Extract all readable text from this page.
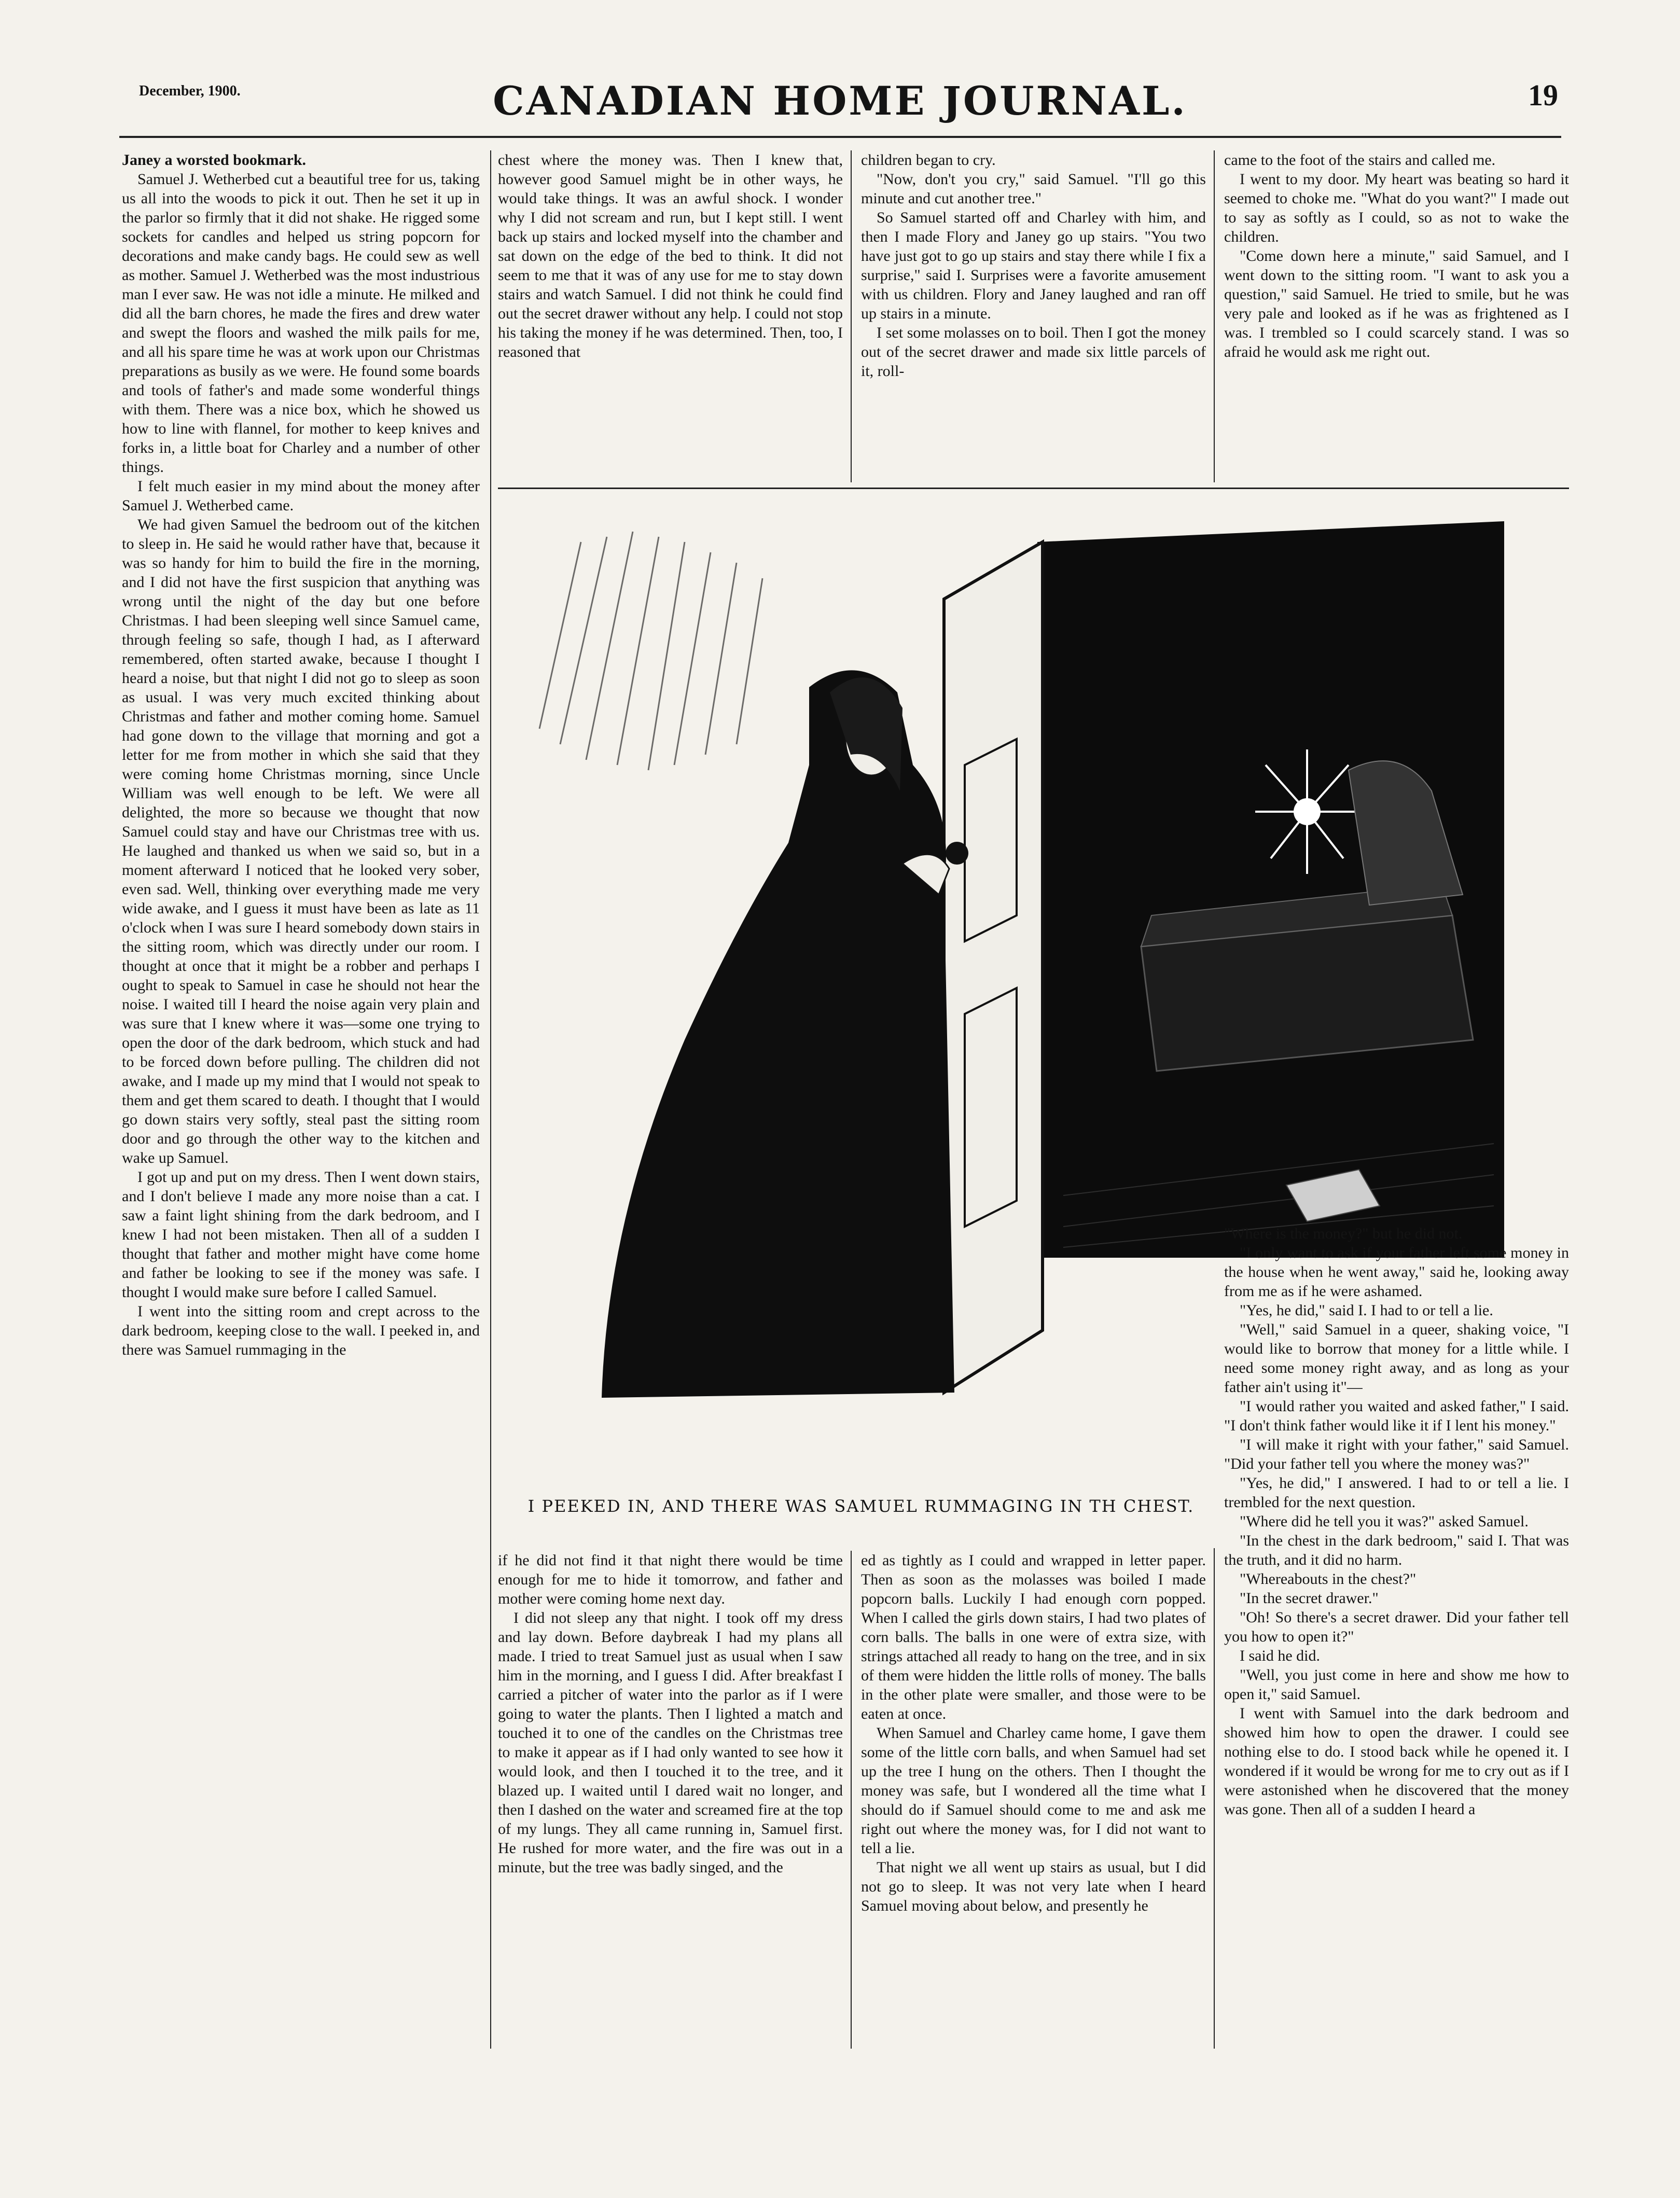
December, 1900.	CANADIAN HOME JOURNAL.	19

Janey a worsted bookmark.

Samuel J. Wetherbed cut a beautiful tree for us, taking us all into the woods to pick it out. Then he set it up in the parlor so firmly that it did not shake. He rigged some sockets for candles and helped us string popcorn for decorations and make candy bags. He could sew as well as mother. Samuel J. Wetherbed was the most industrious man I ever saw. He was not idle a minute. He milked and did all the barn chores, he made the fires and drew water and swept the floors and washed the milk pails for me, and all his spare time he was at work upon our Christmas preparations as busily as we were. He found some boards and tools of father's and made some wonderful things with them. There was a nice box, which he showed us how to line with flannel, for mother to keep knives and forks in, a little boat for Charley and a number of other things.

I felt much easier in my mind about the money after Samuel J. Wetherbed came.

We had given Samuel the bedroom out of the kitchen to sleep in. He said he would rather have that, because it was so handy for him to build the fire in the morning, and I did not have the first suspicion that anything was wrong until the night of the day but one before Christmas. I had been sleeping well since Samuel came, through feeling so safe, though I had, as I afterward remembered, often started awake, because I thought I heard a noise, but that night I did not go to sleep as soon as usual. I was very much excited thinking about Christmas and father and mother coming home. Samuel had gone down to the village that morning and got a letter for me from mother in which she said that they were coming home Christmas morning, since Uncle William was well enough to be left. We were all delighted, the more so because we thought that now Samuel could stay and have our Christmas tree with us. He laughed and thanked us when we said so, but in a moment afterward I noticed that he looked very sober, even sad. Well, thinking over everything made me very wide awake, and I guess it must have been as late as 11 o'clock when I was sure I heard somebody down stairs in the sitting room, which was directly under our room. I thought at once that it might be a robber and perhaps I ought to speak to Samuel in case he should not hear the noise. I waited till I heard the noise again very plain and was sure that I knew where it was—some one trying to open the door of the dark bedroom, which stuck and had to be forced down before pulling. The children did not awake, and I made up my mind that I would not speak to them and get them scared to death. I thought that I would go down stairs very softly, steal past the sitting room door and go through the other way to the kitchen and wake up Samuel.

I got up and put on my dress. Then I went down stairs, and I don't believe I made any more noise than a cat. I saw a faint light shining from the dark bedroom, and I knew I had not been mistaken. Then all of a sudden I thought that father and mother might have come home and father be looking to see if the money was safe. I thought I would make sure before I called Samuel.

I went into the sitting room and crept across to the dark bedroom, keeping close to the wall. I peeked in, and there was Samuel rummaging in the

chest where the money was. Then I knew that, however good Samuel might be in other ways, he would take things. It was an awful shock. I wonder why I did not scream and run, but I kept still. I went back up stairs and locked myself into the chamber and sat down on the edge of the bed to think. It did not seem to me that it was of any use for me to stay down stairs and watch Samuel. I did not think he could find out the secret drawer without any help. I could not stop his taking the money if he was determined. Then, too, I reasoned that

children began to cry.

"Now, don't you cry," said Samuel. "I'll go this minute and cut another tree."

So Samuel started off and Charley with him, and then I made Flory and Janey go up stairs. "You two have just got to go up stairs and stay there while I fix a surprise," said I. Surprises were a favorite amusement with us children. Flory and Janey laughed and ran off up stairs in a minute.

I set some molasses on to boil. Then I got the money out of the secret drawer and made six little parcels of it, roll-

came to the foot of the stairs and called me.

I went to my door. My heart was beating so hard it seemed to choke me. "What do you want?" I made out to say as softly as I could, so as not to wake the children.

"Come down here a minute," said Samuel, and I went down to the sitting room. "I want to ask you a question," said Samuel. He tried to smile, but he was very pale and looked as if he was as frightened as I was. I trembled so I could scarcely stand. I was so afraid he would ask me right out.

I PEEKED IN, AND THERE WAS SAMUEL RUMMAGING IN TH CHEST.

"Where is the money?" but he did not.

"I only want to ask if your father left some money in the house when he went away," said he, looking away from me as if he were ashamed.

"Yes, he did," said I. I had to or tell a lie.

"Well," said Samuel in a queer, shaking voice, "I would like to borrow that money for a little while. I need some money right away, and as long as your father ain't using it"—

"I would rather you waited and asked father," I said. "I don't think father would like it if I lent his money."

"I will make it right with your father," said Samuel. "Did your father tell you where the money was?"

"Yes, he did," I answered. I had to or tell a lie. I trembled for the next question.

"Where did he tell you it was?" asked Samuel.

"In the chest in the dark bedroom," said I. That was the truth, and it did no harm.

"Whereabouts in the chest?"

"In the secret drawer."

"Oh! So there's a secret drawer. Did your father tell you how to open it?"

I said he did.

"Well, you just come in here and show me how to open it," said Samuel.

I went with Samuel into the dark bedroom and showed him how to open the drawer. I could see nothing else to do. I stood back while he opened it. I wondered if it would be wrong for me to cry out as if I were astonished when he discovered that the money was gone. Then all of a sudden I heard a

if he did not find it that night there would be time enough for me to hide it tomorrow, and father and mother were coming home next day.

I did not sleep any that night. I took off my dress and lay down. Before daybreak I had my plans all made. I tried to treat Samuel just as usual when I saw him in the morning, and I guess I did. After breakfast I carried a pitcher of water into the parlor as if I were going to water the plants. Then I lighted a match and touched it to one of the candles on the Christmas tree to make it appear as if I had only wanted to see how it would look, and then I touched it to the tree, and it blazed up. I waited until I dared wait no longer, and then I dashed on the water and screamed fire at the top of my lungs. They all came running in, Samuel first. He rushed for more water, and the fire was out in a minute, but the tree was badly singed, and the

ed as tightly as I could and wrapped in letter paper. Then as soon as the molasses was boiled I made popcorn balls. Luckily I had enough corn popped. When I called the girls down stairs, I had two plates of corn balls. The balls in one were of extra size, with strings attached all ready to hang on the tree, and in six of them were hidden the little rolls of money. The balls in the other plate were smaller, and those were to be eaten at once.

When Samuel and Charley came home, I gave them some of the little corn balls, and when Samuel had set up the tree I hung on the others. Then I thought the money was safe, but I wondered all the time what I should do if Samuel should come to me and ask me right out where the money was, for I did not want to tell a lie.

That night we all went up stairs as usual, but I did not go to sleep. It was not very late when I heard Samuel moving about below, and presently he
